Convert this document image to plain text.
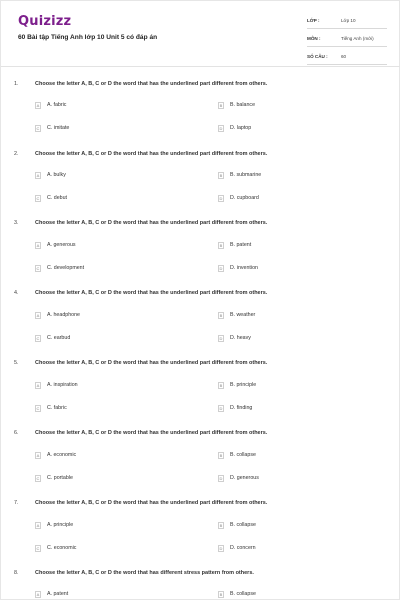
Quizizz
60 Bài tập Tiếng Anh lớp 10 Unit 5 có đáp án
LỚP :	Lớp 10
MÔN :	Tiếng Anh (mới)
SỐ CÂU :	60
1.	Choose the letter A, B, C or D the word that has the underlined part different from others.
A	A. fabric	B	B. balance
C C. imitate	D D. laptop
2.	Choose the letter A, B, C or D the word that has the underlined part different from others.
A	A. bulky	B	B. submarine
C C. debut	D D. cupboard
3.	Choose the letter A, B, C or D the word that has the underlined part different from others.
A	A. generous	B	B. patent
C C. development	D D. invention
4.	Choose the letter A, B, C or D the word that has the underlined part different from others.
A	A. headphone	B	B. weather
C C. earbud	D D. heavy
5.	Choose the letter A, B, C or D the word that has the underlined part different from others.
A	A. inspiration	B	B. principle
C C. fabric	D D. finding
6.	Choose the letter A, B, C or D the word that has the underlined part different from others.
A	A. economic	B	B. collapse
C C. portable	D D. generous
7.	Choose the letter A, B, C or D the word that has the underlined part different from others.
A	A. principle	B	B. collapse
C C. economic	D D. concern
8.	Choose the letter A, B, C or D the word that has different stress pattern from others.
A	A. patent	B	B. collapse
